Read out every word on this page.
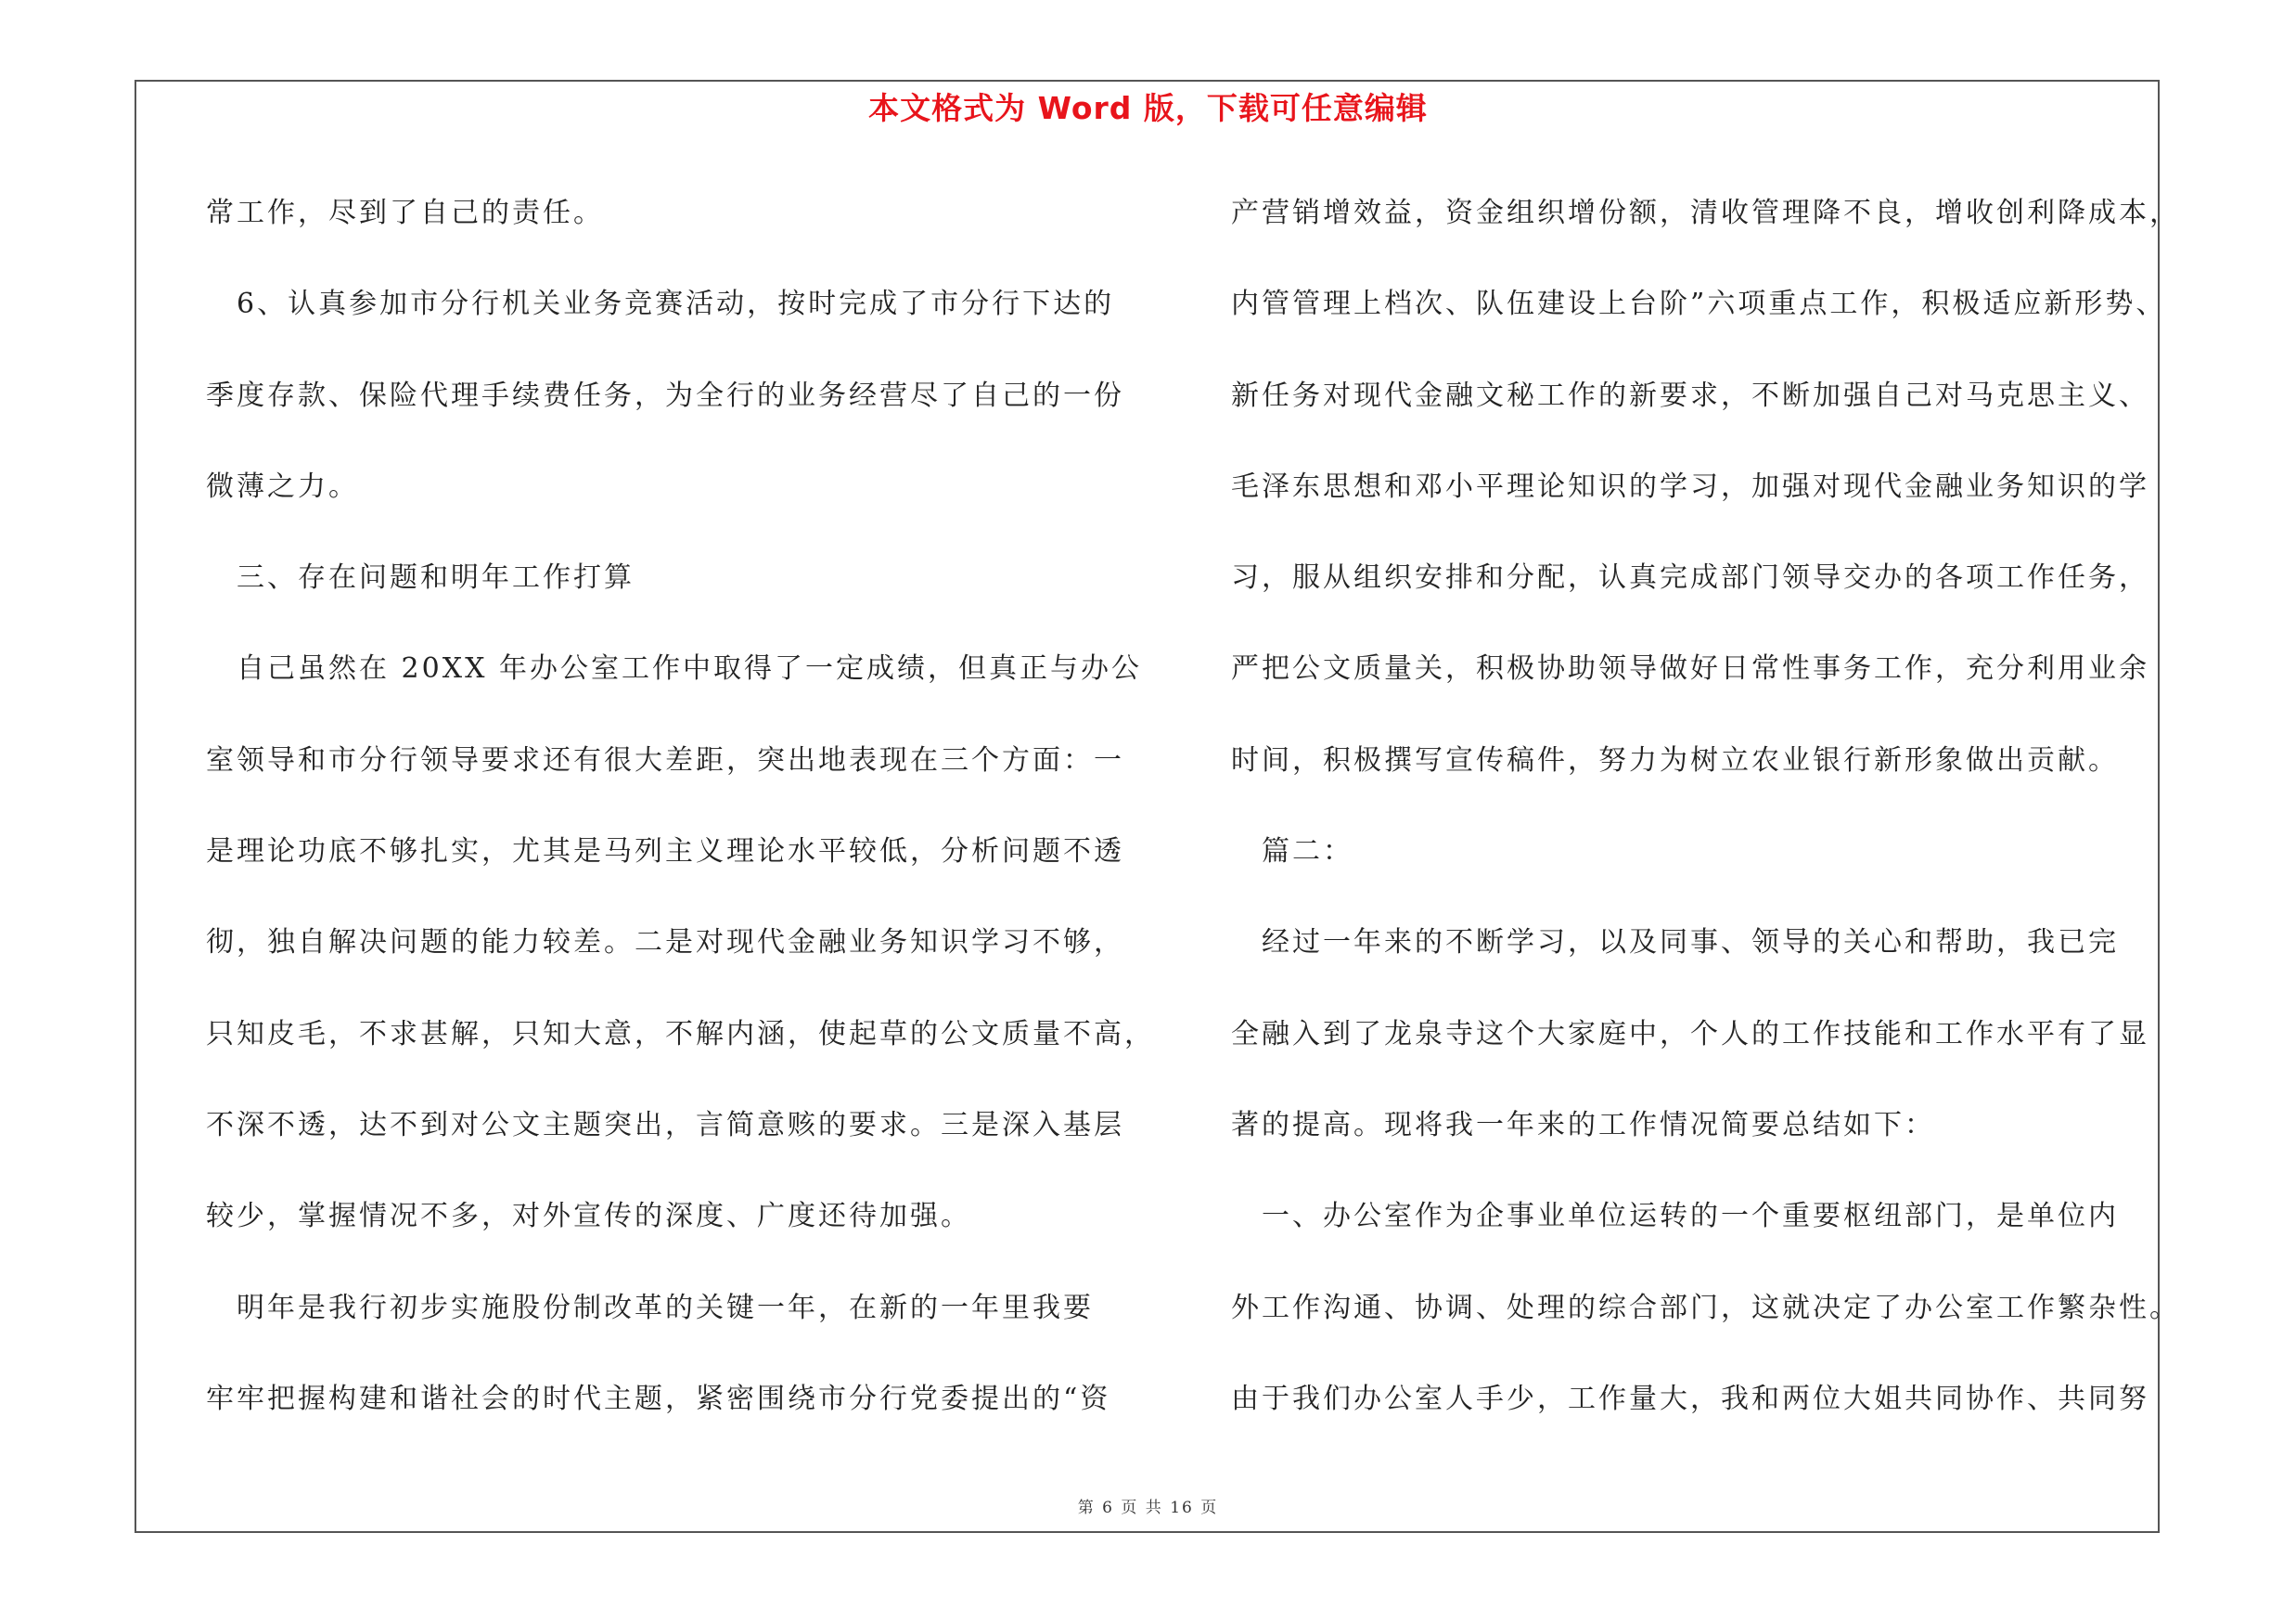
本文格式为 Word 版，下载可任意编辑
常工作，尽到了自己的责任。
　6、认真参加市分行机关业务竞赛活动，按时完成了市分行下达的
季度存款、保险代理手续费任务，为全行的业务经营尽了自己的一份
微薄之力。
　三、存在问题和明年工作打算
　自己虽然在 20XX 年办公室工作中取得了一定成绩，但真正与办公
室领导和市分行领导要求还有很大差距，突出地表现在三个方面：一
是理论功底不够扎实，尤其是马列主义理论水平较低，分析问题不透
彻，独自解决问题的能力较差。二是对现代金融业务知识学习不够，
只知皮毛，不求甚解，只知大意，不解内涵，使起草的公文质量不高，
不深不透，达不到对公文主题突出，言简意赅的要求。三是深入基层
较少，掌握情况不多，对外宣传的深度、广度还待加强。
　明年是我行初步实施股份制改革的关键一年，在新的一年里我要
牢牢把握构建和谐社会的时代主题，紧密围绕市分行党委提出的“资
产营销增效益，资金组织增份额，清收管理降不良，增收创利降成本，
内管管理上档次、队伍建设上台阶”六项重点工作，积极适应新形势、
新任务对现代金融文秘工作的新要求，不断加强自己对马克思主义、
毛泽东思想和邓小平理论知识的学习，加强对现代金融业务知识的学
习，服从组织安排和分配，认真完成部门领导交办的各项工作任务，
严把公文质量关，积极协助领导做好日常性事务工作，充分利用业余
时间，积极撰写宣传稿件，努力为树立农业银行新形象做出贡献。
　篇二：
　经过一年来的不断学习，以及同事、领导的关心和帮助，我已完
全融入到了龙泉寺这个大家庭中，个人的工作技能和工作水平有了显
著的提高。现将我一年来的工作情况简要总结如下：
　一、办公室作为企事业单位运转的一个重要枢纽部门，是单位内
外工作沟通、协调、处理的综合部门，这就决定了办公室工作繁杂性。
由于我们办公室人手少，工作量大，我和两位大姐共同协作、共同努
第 6 页 共 16 页
